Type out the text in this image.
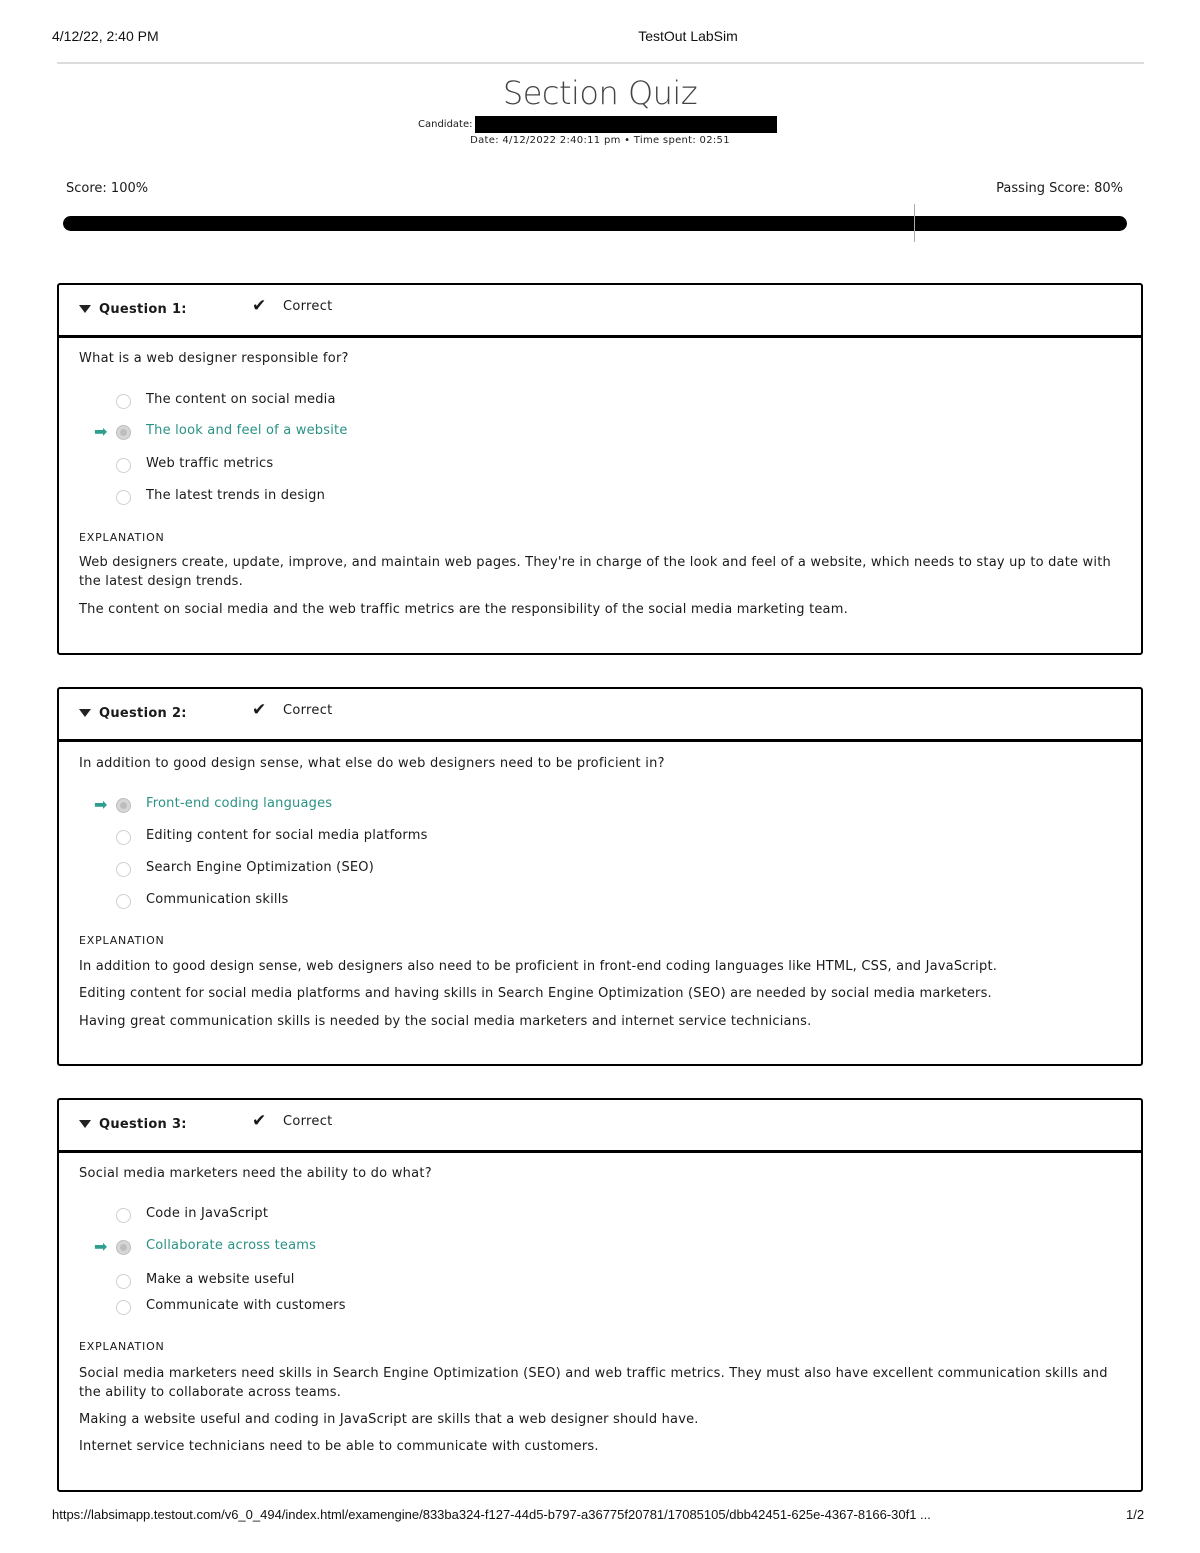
4/12/22, 2:40 PM	TestOut LabSim
Section Quiz
Candidate:
Date: 4/12/2022 2:40:11 pm • Time spent: 02:51
Score: 100%	Passing Score: 80%
Question 1:	✔ Correct
What is a web designer responsible for?
The content on social media
➡	The look and feel of a website
Web traffic metrics
The latest trends in design
EXPLANATION

Web designers create, update, improve, and maintain web pages. They're in charge of the look and feel of a website, which needs to stay up to date with the latest design trends.

The content on social media and the web traffic metrics are the responsibility of the social media marketing team.

Question 2:	✔ Correct
In addition to good design sense, what else do web designers need to be proficient in?
➡	Front-end coding languages
Editing content for social media platforms
Search Engine Optimization (SEO)
Communication skills
EXPLANATION

In addition to good design sense, web designers also need to be proficient in front-end coding languages like HTML, CSS, and JavaScript.

Editing content for social media platforms and having skills in Search Engine Optimization (SEO) are needed by social media marketers.

Having great communication skills is needed by the social media marketers and internet service technicians.

Question 3:	✔ Correct
Social media marketers need the ability to do what?
Code in JavaScript
➡	Collaborate across teams
Make a website useful
Communicate with customers
EXPLANATION

Social media marketers need skills in Search Engine Optimization (SEO) and web traffic metrics. They must also have excellent communication skills and the ability to collaborate across teams.

Making a website useful and coding in JavaScript are skills that a web designer should have.

Internet service technicians need to be able to communicate with customers.

https://labsimapp.testout.com/v6_0_494/index.html/examengine/833ba324-f127-44d5-b797-a36775f20781/17085105/dbb42451-625e-4367-8166-30f1 ...	1/2
